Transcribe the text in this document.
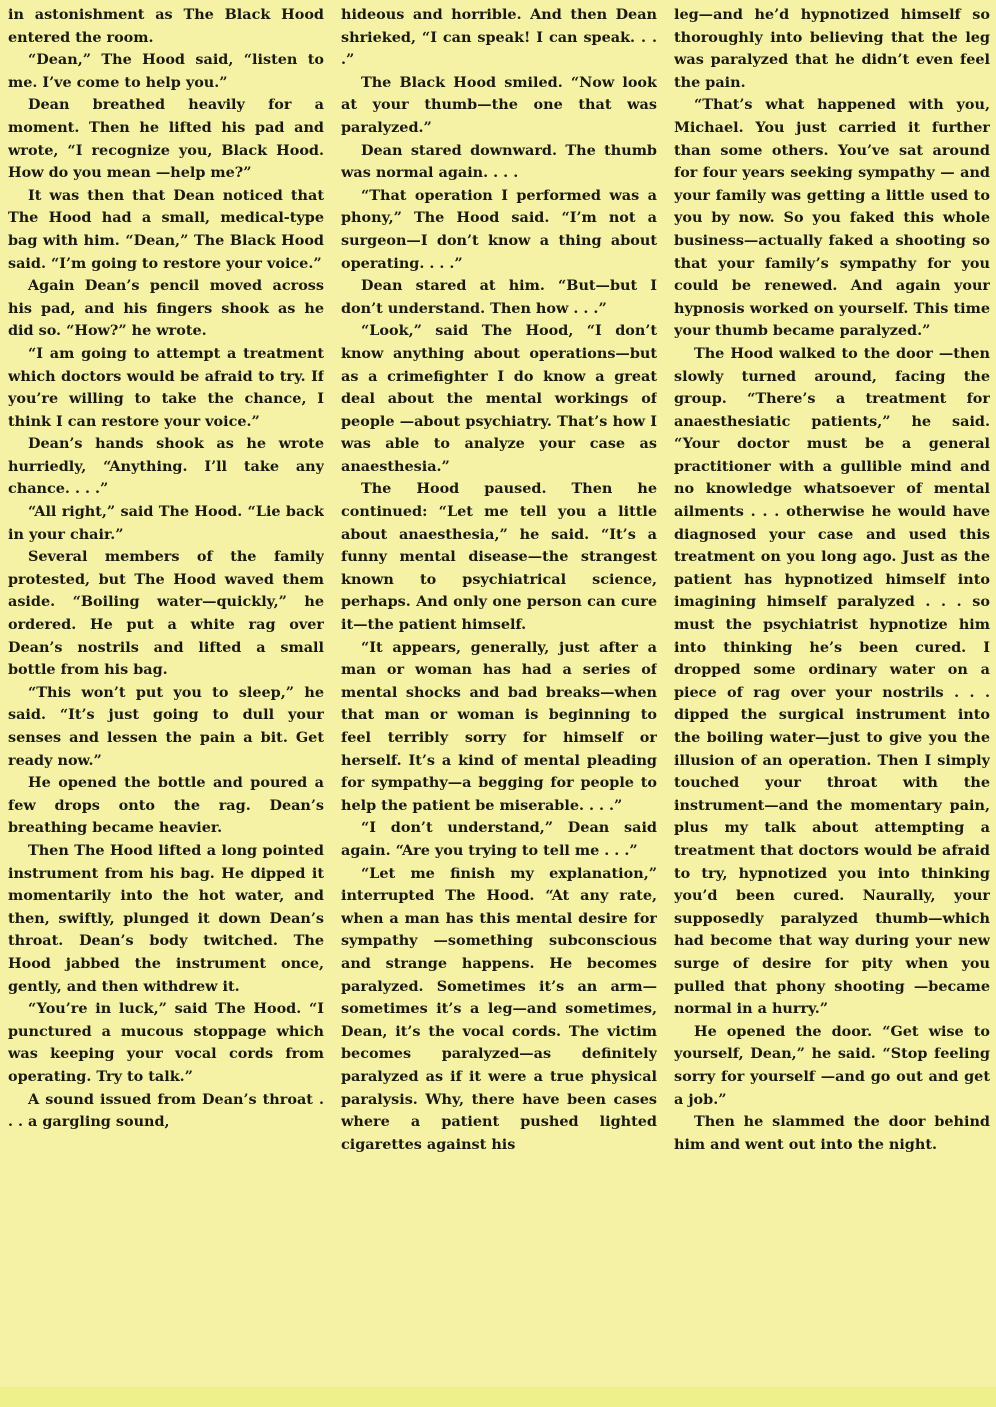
in astonishment as The Black Hood entered the room.

“Dean,” The Hood said, “listen to me. I’ve come to help you.”

Dean breathed heavily for a moment. Then he lifted his pad and wrote, “I recognize you, Black Hood. How do you mean —help me?”

It was then that Dean noticed that The Hood had a small, medical-type bag with him. “Dean,” The Black Hood said. “I’m going to restore your voice.”

Again Dean’s pencil moved across his pad, and his fingers shook as he did so. “How?” he wrote.

“I am going to attempt a treatment which doctors would be afraid to try. If you’re willing to take the chance, I think I can restore your voice.”

Dean’s hands shook as he wrote hurriedly, “Anything. I’ll take any chance. . . .”

“All right,” said The Hood. “Lie back in your chair.”

Several members of the family protested, but The Hood waved them aside. “Boiling water—quickly,” he ordered. He put a white rag over Dean’s nostrils and lifted a small bottle from his bag.

“This won’t put you to sleep,” he said. “It’s just going to dull your senses and lessen the pain a bit. Get ready now.”

He opened the bottle and poured a few drops onto the rag. Dean’s breathing became heavier.

Then The Hood lifted a long pointed instrument from his bag. He dipped it momentarily into the hot water, and then, swiftly, plunged it down Dean’s throat. Dean’s body twitched. The Hood jabbed the instrument once, gently, and then withdrew it.

“You’re in luck,” said The Hood. “I punctured a mucous stoppage which was keeping your vocal cords from operating. Try to talk.”

A sound issued from Dean’s throat . . . a gargling sound,

hideous and horrible. And then Dean shrieked, “I can speak! I can speak. . . .”

The Black Hood smiled. “Now look at your thumb—the one that was paralyzed.”

Dean stared downward. The thumb was normal again. . . .

“That operation I performed was a phony,” The Hood said. “I’m not a surgeon—I don’t know a thing about operating. . . .”

Dean stared at him. “But—but I don’t understand. Then how . . .”

“Look,” said The Hood, “I don’t know anything about operations—but as a crimefighter I do know a great deal about the mental workings of people —about psychiatry. That’s how I was able to analyze your case as anaesthesia.”

The Hood paused. Then he continued: “Let me tell you a little about anaesthesia,” he said. “It’s a funny mental disease—the strangest known to psychiatrical science, perhaps. And only one person can cure it—the patient himself.

“It appears, generally, just after a man or woman has had a series of mental shocks and bad breaks—when that man or woman is beginning to feel terribly sorry for himself or herself. It’s a kind of mental pleading for sympathy—a begging for people to help the patient be miserable. . . .”

“I don’t understand,” Dean said again. “Are you trying to tell me . . .”

“Let me finish my explanation,” interrupted The Hood. “At any rate, when a man has this mental desire for sympathy —something subconscious and strange happens. He becomes paralyzed. Sometimes it’s an arm—sometimes it’s a leg—and sometimes, Dean, it’s the vocal cords. The victim becomes paralyzed—as definitely paralyzed as if it were a true physical paralysis. Why, there have been cases where a patient pushed lighted cigarettes against his

leg—and he’d hypnotized himself so thoroughly into believing that the leg was paralyzed that he didn’t even feel the pain.

“That’s what happened with you, Michael. You just carried it further than some others. You’ve sat around for four years seeking sympathy — and your family was getting a little used to you by now. So you faked this whole business—actually faked a shooting so that your family’s sympathy for you could be renewed. And again your hypnosis worked on yourself. This time your thumb became paralyzed.”

The Hood walked to the door —then slowly turned around, facing the group. “There’s a treatment for anaesthesiatic patients,” he said. “Your doctor must be a general practitioner with a gullible mind and no knowledge whatsoever of mental ailments . . . otherwise he would have diagnosed your case and used this treatment on you long ago. Just as the patient has hypnotized himself into imagining himself paralyzed . . . so must the psychiatrist hypnotize him into thinking he’s been cured. I dropped some ordinary water on a piece of rag over your nostrils . . . dipped the surgical instrument into the boiling water—just to give you the illusion of an operation. Then I simply touched your throat with the instrument—and the momentary pain, plus my talk about attempting a treatment that doctors would be afraid to try, hypnotized you into thinking you’d been cured. Naurally, your supposedly paralyzed thumb—which had become that way during your new surge of desire for pity when you pulled that phony shooting —became normal in a hurry.”

He opened the door. “Get wise to yourself, Dean,” he said. “Stop feeling sorry for yourself —and go out and get a job.”

Then he slammed the door behind him and went out into the night.
